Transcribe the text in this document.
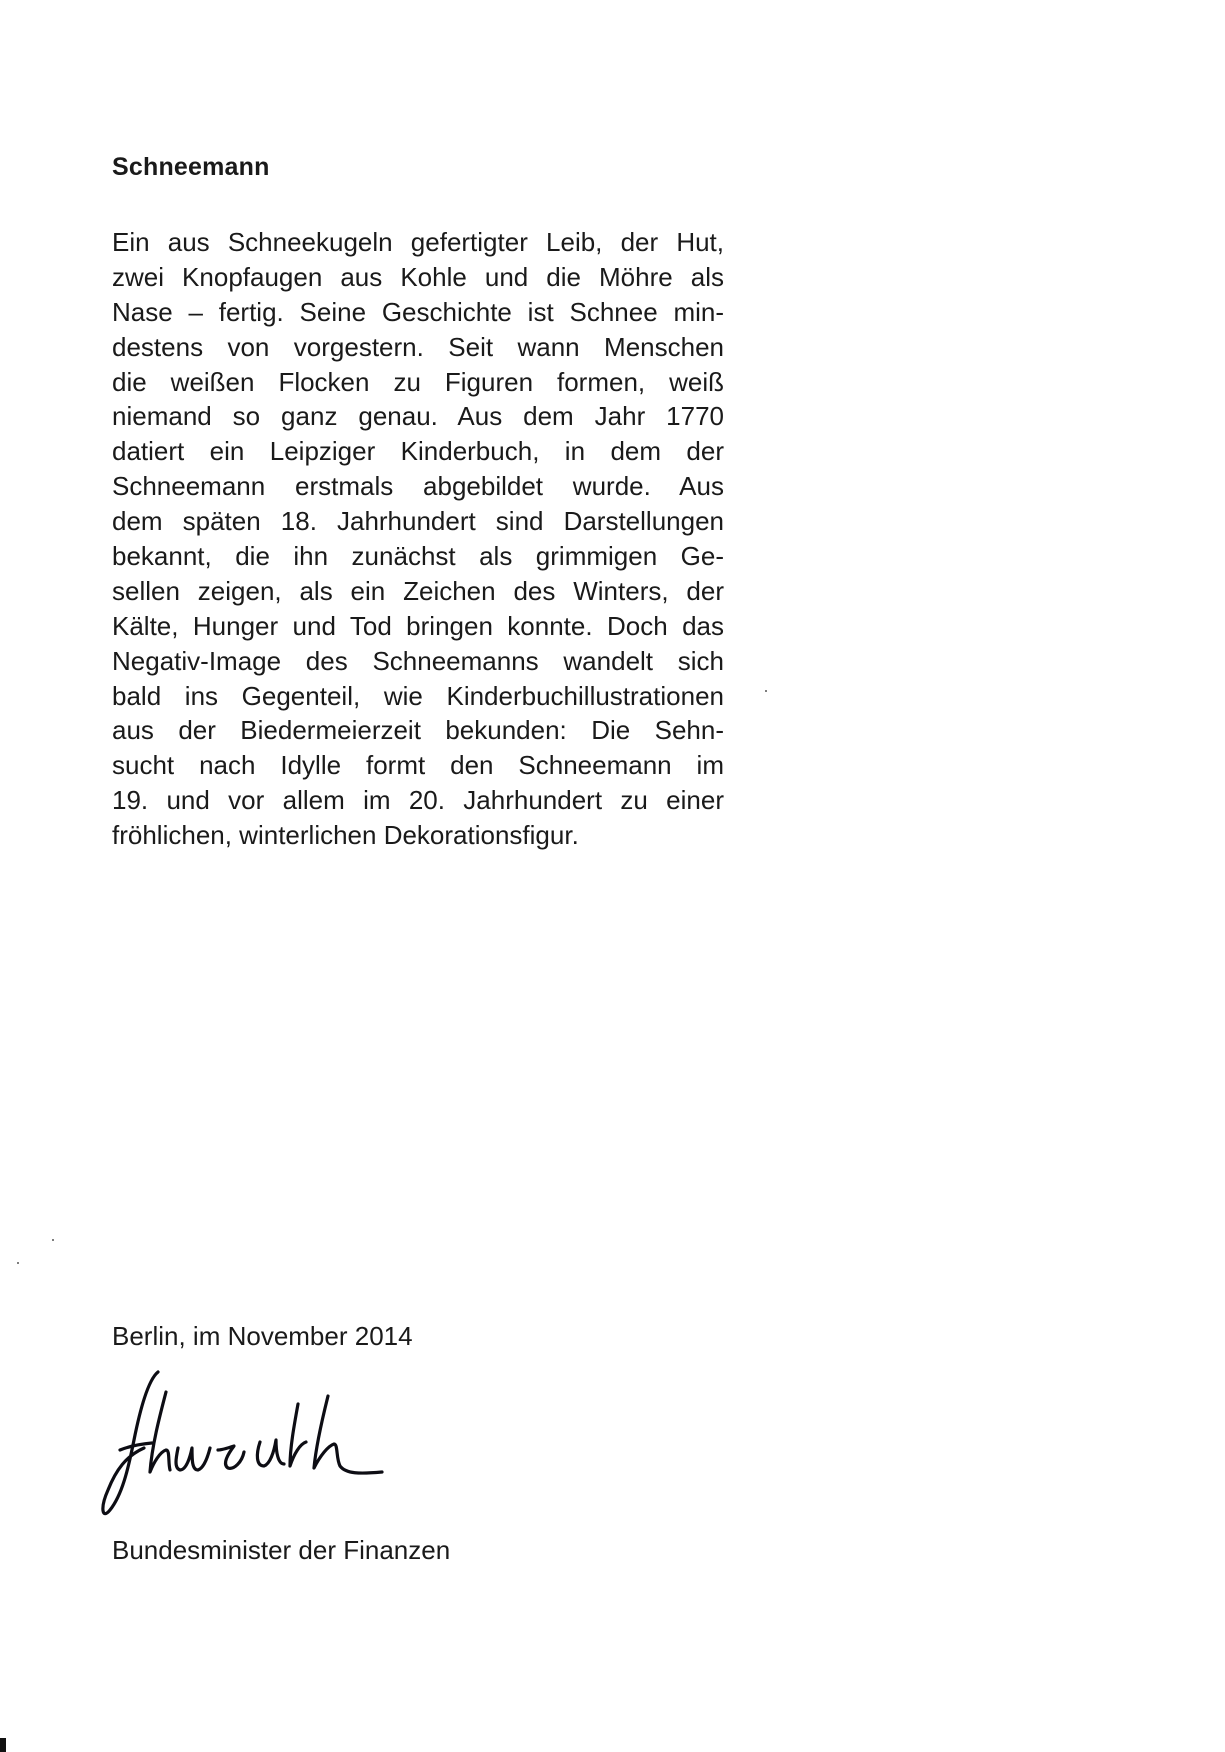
Schneemann

Ein aus Schneekugeln gefertigter Leib, der Hut,
zwei Knopfaugen aus Kohle und die Möhre als
Nase – fertig. Seine Geschichte ist Schnee min-
destens von vorgestern. Seit wann Menschen
die weißen Flocken zu Figuren formen, weiß
niemand so ganz genau. Aus dem Jahr 1770
datiert ein Leipziger Kinderbuch, in dem der
Schneemann erstmals abgebildet wurde. Aus
dem späten 18. Jahrhundert sind Darstellungen
bekannt, die ihn zunächst als grimmigen Ge-
sellen zeigen, als ein Zeichen des Winters, der
Kälte, Hunger und Tod bringen konnte. Doch das
Negativ-Image des Schneemanns wandelt sich
bald ins Gegenteil, wie Kinderbuchillustrationen
aus der Biedermeierzeit bekunden: Die Sehn-
sucht nach Idylle formt den Schneemann im
19. und vor allem im 20. Jahrhundert zu einer
fröhlichen, winterlichen Dekorationsfigur.

Berlin, im November 2014

Bundesminister der Finanzen
